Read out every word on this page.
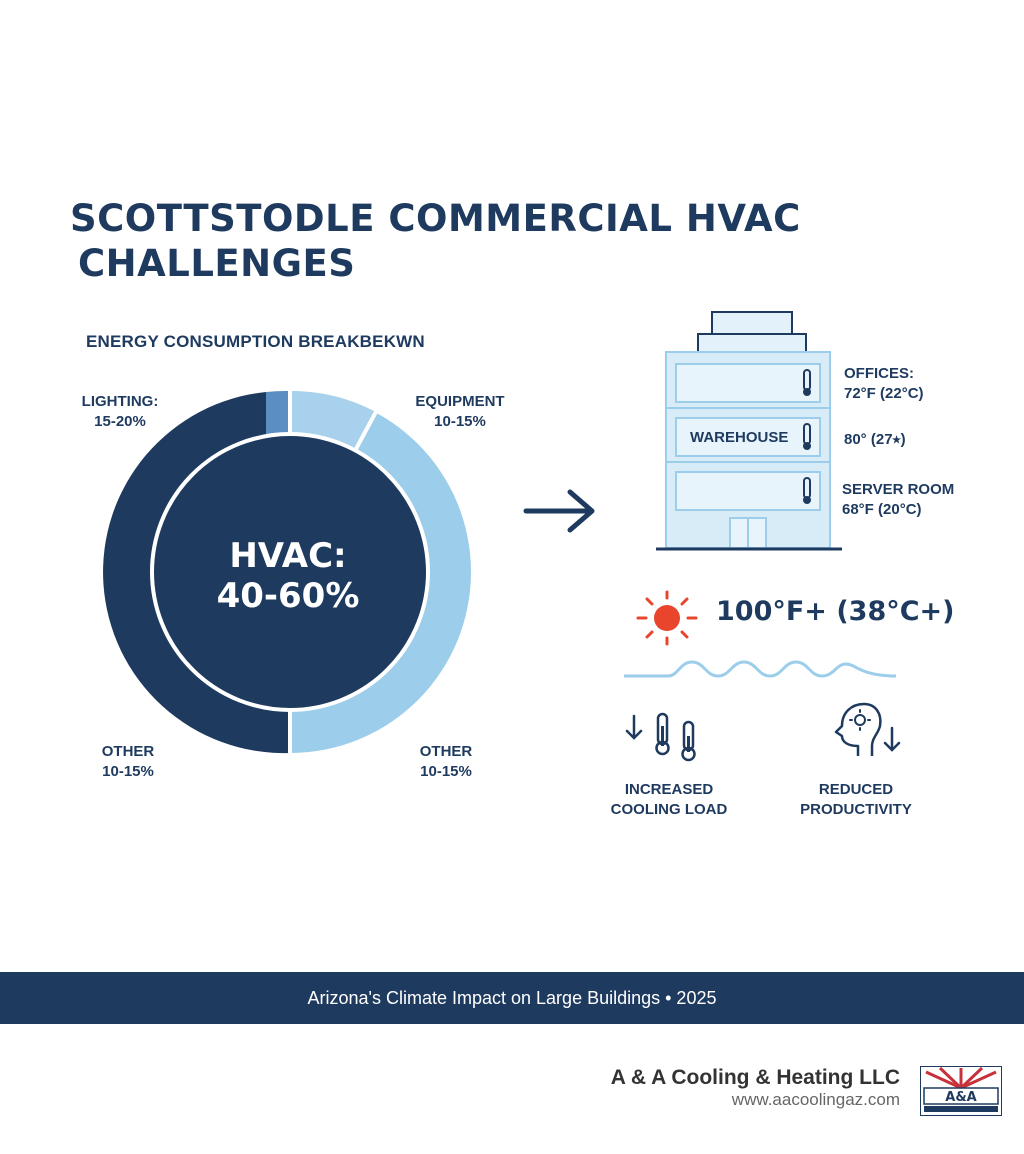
SCOTTSTODLE COMMERCIAL HVAC
CHALLENGES
ENERGY CONSUMPTION BREAKBEKWN
HVAC:
40-60%
LIGHTING:
15-20%
EQUIPMENT
10-15%
OTHER
10-15%
OTHER
10-15%
WAREHOUSE
OFFICES:
72°F (22°C)
80° (27⭑)
SERVER ROOM
68°F (20°C)
100°F+ (38°C+)
INCREASED
COOLING LOAD
REDUCED
PRODUCTIVITY
Arizona's Climate Impact on Large Buildings • 2025
A & A Cooling & Heating LLC
www.aacoolingaz.com	A&A
